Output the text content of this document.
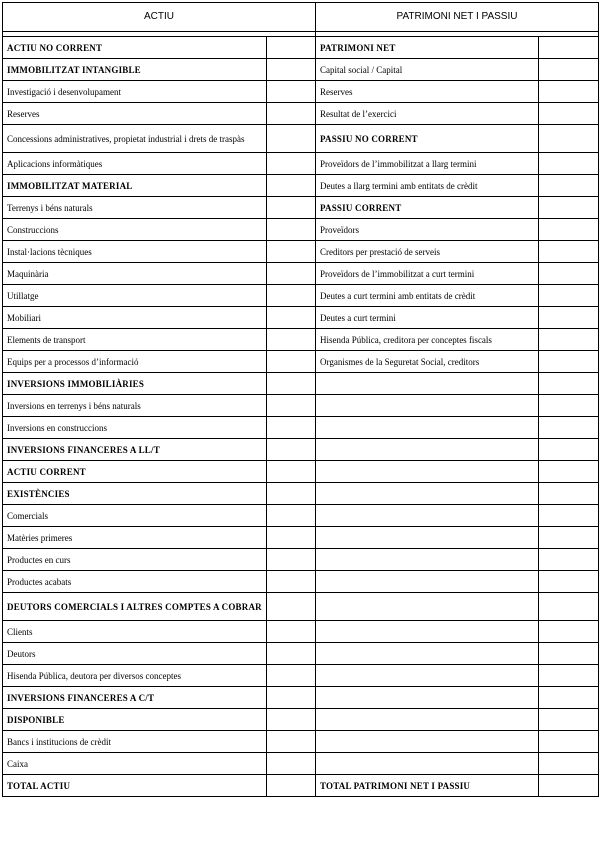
ACTIU		PATRIMONI NET I PASSIU	

ACTIU NO CORRENT		PATRIMONI NET	
IMMOBILITZAT INTANGIBLE		Capital social / Capital	
Investigació i desenvolupament		Reserves	
Reserves		Resultat de l’exercici	
Concessions administratives, propietat industrial i drets de traspàs		PASSIU NO CORRENT	
Aplicacions informàtiques		Proveïdors de l’immobilitzat a llarg termini	
IMMOBILITZAT MATERIAL		Deutes a llarg termini amb entitats de crèdit	
Terrenys i béns naturals		PASSIU CORRENT	
Construccions		Proveïdors	
Instal·lacions tècniques		Creditors per prestació de serveis	
Maquinària		Proveïdors de l’immobilitzat a curt termini	
Utillatge		Deutes a curt termini amb entitats de crèdit	
Mobiliari		Deutes a curt termini	
Elements de transport		Hisenda Pública, creditora per conceptes fiscals	
Equips per a processos d’informació		Organismes de la Seguretat Social, creditors	
INVERSIONS IMMOBILIÀRIES			
Inversions en terrenys i béns naturals			
Inversions en construccions			
INVERSIONS FINANCERES A LL/T			
ACTIU CORRENT			
EXISTÈNCIES			
Comercials			
Matèries primeres			
Productes en curs			
Productes acabats			
DEUTORS COMERCIALS I ALTRES COMPTES A COBRAR			
Clients			
Deutors			
Hisenda Pública, deutora per diversos conceptes			
INVERSIONS FINANCERES A C/T			
DISPONIBLE			
Bancs i institucions de crèdit			
Caixa			
TOTAL ACTIU		TOTAL PATRIMONI NET I PASSIU	
